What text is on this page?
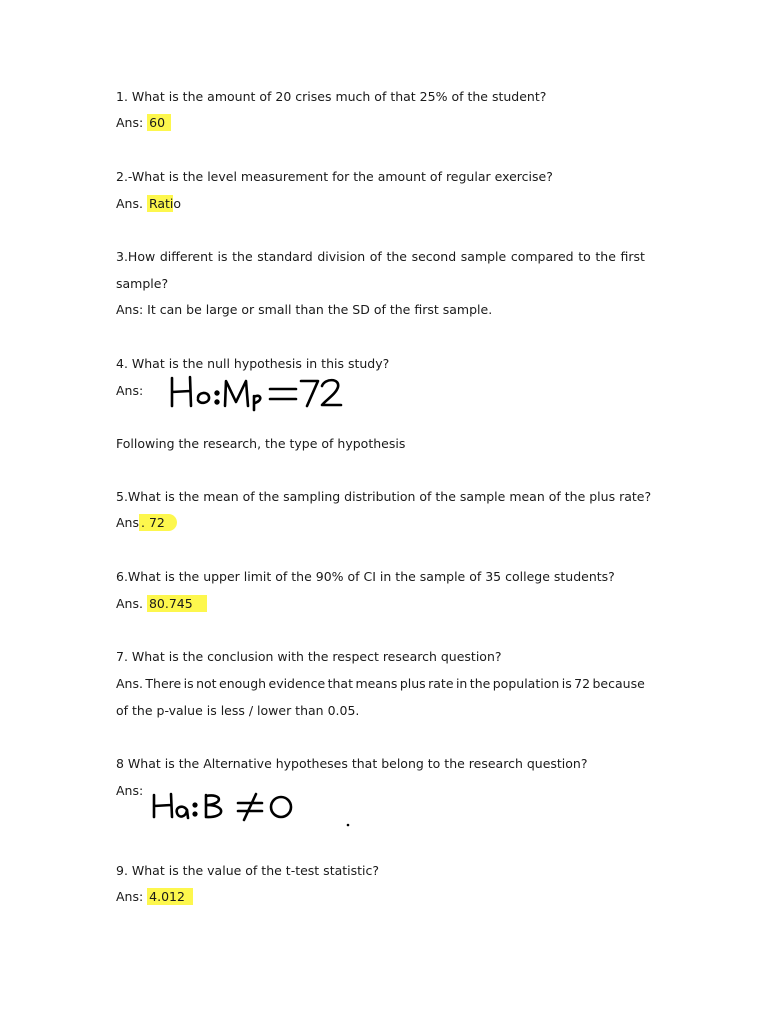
1. What is the amount of 20 crises much of that 25% of the student?
Ans: 60
2.-What is the level measurement for the amount of regular exercise?
Ans. Ratio
3.How different is the standard division of the second sample compared to the first
sample?
Ans: It can be large or small than the SD of the first sample.
4. What is the null hypothesis in this study?
Ans:
Following the research, the type of hypothesis
5.What is the mean of the sampling distribution of the sample mean of the plus rate?
Ans . 72
6.What is the upper limit of the 90% of CI in the sample of 35 college students?
Ans. 80.745
7. What is the conclusion with the respect research question?
Ans. There is not enough evidence that means plus rate in the population is 72 because
of the p-value is less / lower than 0.05.
8 What is the Alternative hypotheses that belong to the research question?
Ans:
9. What is the value of the t-test statistic?
Ans: 4.012
